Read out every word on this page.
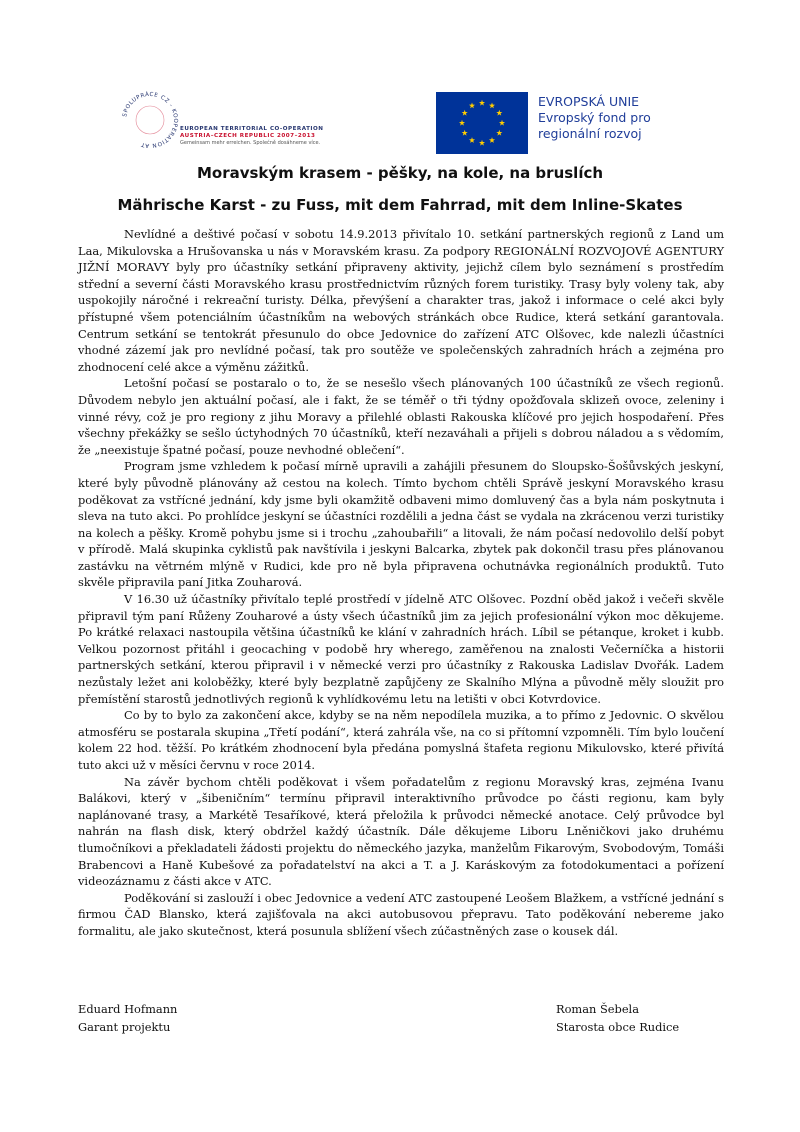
SPOLUPRÁCE CZ - KOOPERATION AT
EUROPEAN TERRITORIAL CO-OPERATION
AUSTRIA–CZECH REPUBLIC 2007–2013
Gemeinsam mehr erreichen. Společně dosáhneme více.
EVROPSKÁ UNIE
Evropský fond pro
regionální rozvoj
Moravským krasem - pěšky, na kole, na bruslích
Mährische Karst - zu Fuss, mit dem Fahrrad, mit dem Inline-Skates

Nevlídné a deštivé počasí v sobotu 14.9.2013 přivítalo 10. setkání partnerských regionů z Land um Laa, Mikulovska a Hrušovanska u nás v Moravském krasu. Za podpory REGIONÁLNÍ ROZVOJOVÉ AGENTURY JIŽNÍ MORAVY byly pro účastníky setkání připraveny aktivity, jejichž cílem bylo seznámení s prostředím střední a severní části Moravského krasu prostřednictvím různých forem turistiky. Trasy byly voleny tak, aby uspokojily náročné i rekreační turisty. Délka, převýšení a charakter tras, jakož i informace o celé akci byly přístupné všem potenciálním účastníkům na webových stránkách obce Rudice, která setkání garantovala. Centrum setkání se tentokrát přesunulo do obce Jedovnice do zařízení ATC Olšovec, kde nalezli účastníci vhodné zázemí jak pro nevlídné počasí, tak pro soutěže ve společenských zahradních hrách a zejména pro zhodnocení celé akce a výměnu zážitků.

Letošní počasí se postaralo o to, že se nesešlo všech plánovaných 100 účastníků ze všech regionů. Důvodem nebylo jen aktuální počasí, ale i fakt, že se téměř o tři týdny opožďovala sklizeň ovoce, zeleniny i vinné révy, což je pro regiony z jihu Moravy a přilehlé oblasti Rakouska klíčové pro jejich hospodaření. Přes všechny překážky se sešlo úctyhodných 70 účastníků, kteří nezaváhali a přijeli s dobrou náladou a s vědomím, že „neexistuje špatné počasí, pouze nevhodné oblečení“.

Program jsme vzhledem k počasí mírně upravili a zahájili přesunem do Sloupsko-Šošůvských jeskyní, které byly původně plánovány až cestou na kolech. Tímto bychom chtěli Správě jeskyní Moravského krasu poděkovat za vstřícné jednání, kdy jsme byli okamžitě odbaveni mimo domluvený čas a byla nám poskytnuta i sleva na tuto akci. Po prohlídce jeskyní se účastníci rozdělili a jedna část se vydala na zkrácenou verzi turistiky na kolech a pěšky. Kromě pohybu jsme si i trochu „zahoubařili“ a litovali, že nám počasí nedovolilo delší pobyt v přírodě. Malá skupinka cyklistů pak navštívila i jeskyni Balcarka, zbytek pak dokončil trasu přes plánovanou zastávku na větrném mlýně v Rudici, kde pro ně byla připravena ochutnávka regionálních produktů. Tuto skvěle připravila paní Jitka Zouharová.

V 16.30 už účastníky přivítalo teplé prostředí v jídelně ATC Olšovec. Pozdní oběd jakož i večeři skvěle připravil tým paní Růženy Zouharové a ústy všech účastníků jim za jejich profesionální výkon moc děkujeme. Po krátké relaxaci nastoupila většina účastníků ke klání v zahradních hrách. Líbil se pétanque, kroket i kubb. Velkou pozornost přitáhl i geocaching v podobě hry wherego, zaměřenou na znalosti Večerníčka a historii partnerských setkání, kterou připravil i v německé verzi pro účastníky z Rakouska Ladislav Dvořák. Ladem nezůstaly ležet ani koloběžky, které byly bezplatně zapůjčeny ze Skalního Mlýna a původně měly sloužit pro přemístění starostů jednotlivých regionů k vyhlídkovému letu na letišti v obci Kotvrdovice.

Co by to bylo za zakončení akce, kdyby se na něm nepodílela muzika, a to přímo z Jedovnic. O skvělou atmosféru se postarala skupina „Třetí podání“, která zahrála vše, na co si přítomní vzpomněli. Tím bylo loučení kolem 22 hod. těžší. Po krátkém zhodnocení byla předána pomyslná štafeta regionu Mikulovsko, které přivítá tuto akci už v měsíci červnu v roce 2014.

Na závěr bychom chtěli poděkovat i všem pořadatelům z regionu Moravský kras, zejména Ivanu Balákovi, který v „šibeničním“ termínu připravil interaktivního průvodce po části regionu, kam byly naplánované trasy, a Markétě Tesaříkové, která přeložila k průvodci německé anotace. Celý průvodce byl nahrán na flash disk, který obdržel každý účastník. Dále děkujeme Liboru Lněničkovi jako druhému tlumočníkovi a překladateli žádosti projektu do německého jazyka, manželům Fikarovým, Svobodovým, Tomáši Brabencovi a Haně Kubešové za pořadatelství na akci a T. a J. Karáskovým za fotodokumentaci a pořízení videozáznamu z části akce v ATC.

Poděkování si zaslouží i obec Jedovnice a vedení ATC zastoupené Leošem Blažkem, a vstřícné jednání s firmou ČAD Blansko, která zajišťovala na akci autobusovou přepravu. Tato poděkování nebereme jako formalitu, ale jako skutečnost, která posunula sblížení všech zúčastněných zase o kousek dál.

Eduard Hofmann
Garant projektu
Roman Šebela
Starosta obce Rudice
